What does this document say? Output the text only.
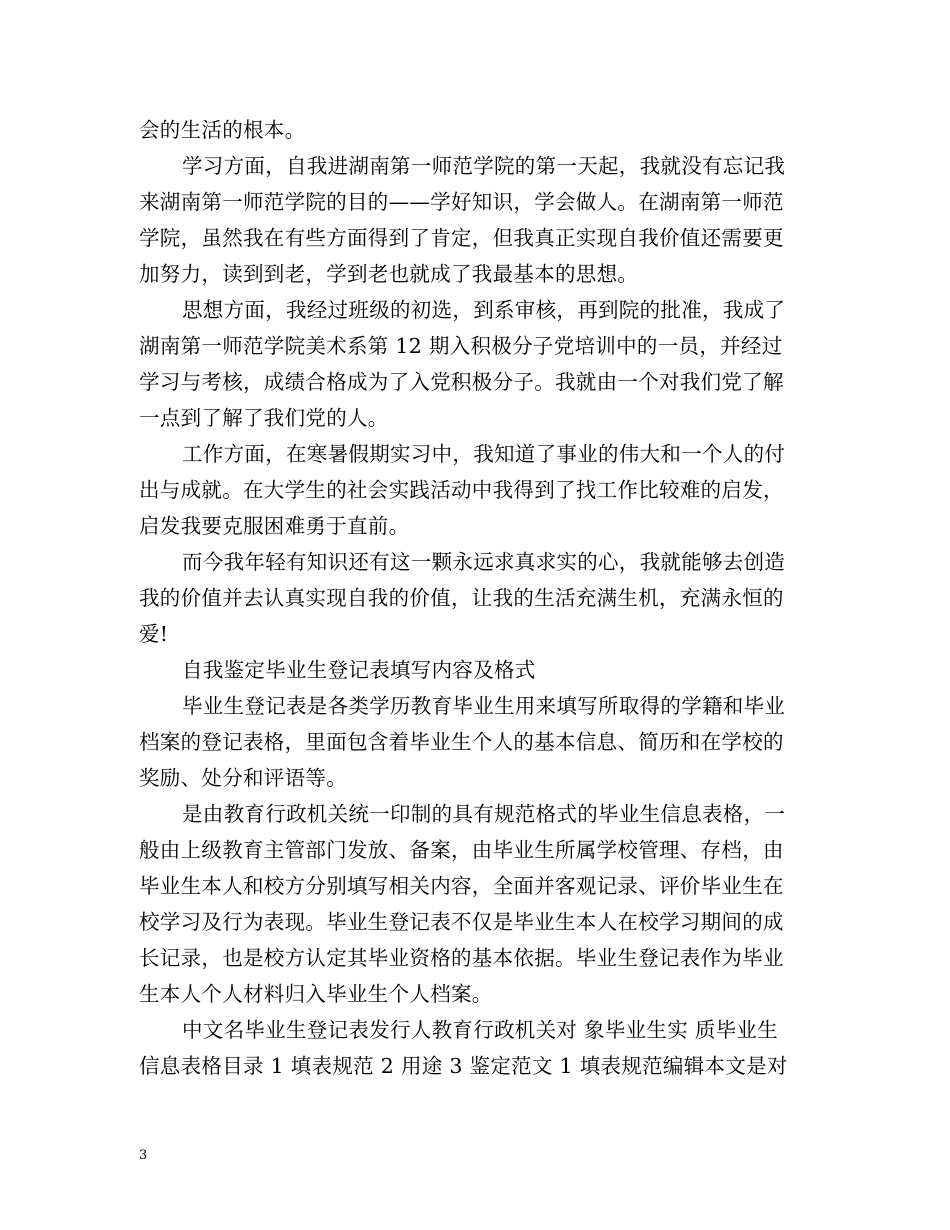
会的生活的根本。
学习方面，自我进湖南第一师范学院的第一天起，我就没有忘记我
来湖南第一师范学院的目的——学好知识，学会做人。在湖南第一师范
学院，虽然我在有些方面得到了肯定，但我真正实现自我价值还需要更
加努力，读到到老，学到老也就成了我最基本的思想。
思想方面，我经过班级的初选，到系审核，再到院的批准，我成了
湖南第一师范学院美术系第 12 期入积极分子党培训中的一员，并经过
学习与考核，成绩合格成为了入党积极分子。我就由一个对我们党了解
一点到了解了我们党的人。
工作方面，在寒暑假期实习中，我知道了事业的伟大和一个人的付
出与成就。在大学生的社会实践活动中我得到了找工作比较难的启发，
启发我要克服困难勇于直前。
而今我年轻有知识还有这一颗永远求真求实的心，我就能够去创造
我的价值并去认真实现自我的价值，让我的生活充满生机，充满永恒的
爱!
自我鉴定毕业生登记表填写内容及格式
毕业生登记表是各类学历教育毕业生用来填写所取得的学籍和毕业
档案的登记表格，里面包含着毕业生个人的基本信息、简历和在学校的
奖励、处分和评语等。
是由教育行政机关统一印制的具有规范格式的毕业生信息表格，一
般由上级教育主管部门发放、备案，由毕业生所属学校管理、存档，由
毕业生本人和校方分别填写相关内容，全面并客观记录、评价毕业生在
校学习及行为表现。毕业生登记表不仅是毕业生本人在校学习期间的成
长记录，也是校方认定其毕业资格的基本依据。毕业生登记表作为毕业
生本人个人材料归入毕业生个人档案。
中文名毕业生登记表发行人教育行政机关对 象毕业生实 质毕业生
信息表格目录 1 填表规范 2 用途 3 鉴定范文 1 填表规范编辑本文是对
3
